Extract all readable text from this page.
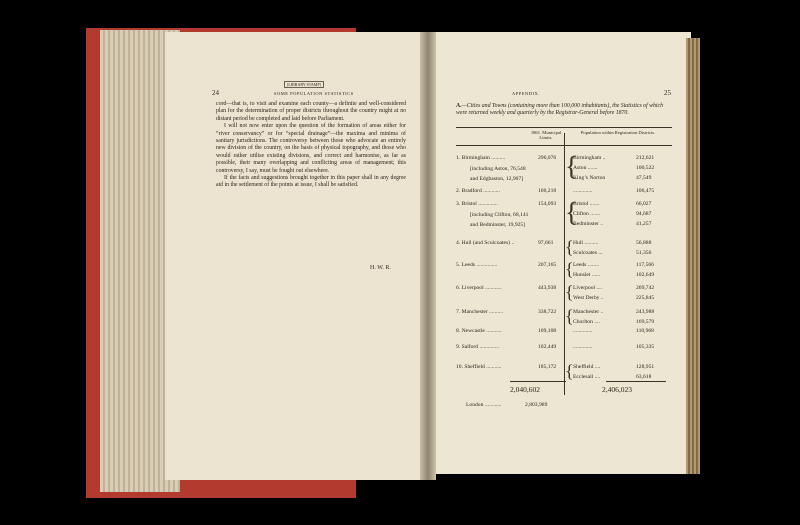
24
[LIBRARY STAMP]
SOME POPULATION STATISTICS

cord—that is, to visit and examine each county—a definite and well-considered plan for the determination of proper districts throughout the country might at no distant period be completed and laid before Parliament.

I will not now enter upon the question of the formation of areas either for “river conservancy” or for “special drainage”—the maxima and minima of sanitary jurisdictions. The controversy between those who advocate an entirely new division of the country, on the basis of physical topography, and those who would rather utilise existing divisions, and correct and harmonise, as far as possible, their many overlapping and conflicting areas of management; this controversy, I say, must be fought out elsewhere.

If the facts and suggestions brought together in this paper shall in any degree aid in the settlement of the points at issue, I shall be satisfied.

H. W. R.
APPENDIX.	25
A.—Cities and Towns (containing more than 100,000 inhabitants), the Statistics of which were returned weekly and quarterly by the Registrar-General before 1870.
1861. Municipal Limits.
Population within Registration Districts.
1. Birmingham ..........	296,076 {
Birmingham ..	212,621
Aston .......	100,522
King’s Norton	47,549
[including Aston, 76,548
and Edgbaston, 12,907]
2. Bradford ............	106,218	..............	106,475
3. Bristol ..............	154,093 {
Bristol .......	66,027
Clifton .......	94,687
Bedminster ..	41,257
[including Clifton, 68,141
and Bedminster, 19,925]
4. Hull (and Sculcoates) ..	97,661 { Hull ..........	56,888
Sculcoates ...	51,356
5. Leeds ...............	207,165 { Leeds ........	117,566
Hunslet ......	102,649
6. Liverpool ............	443,938 { Liverpool ....	269,742
West Derby ..	225,845
7. Manchester ..........	338,722 { Manchester ..	243,988
Chorlton ....	169,579
8. Newcastle ...........	109,108	..............	110,968
9. Salford ..............	102,449	..............	105,335
10. Sheffield ...........	185,172 { Sheffield ....	128,951
Ecclesall ....	63,618
2,040,602	2,406,023
London ............	2,803,989
